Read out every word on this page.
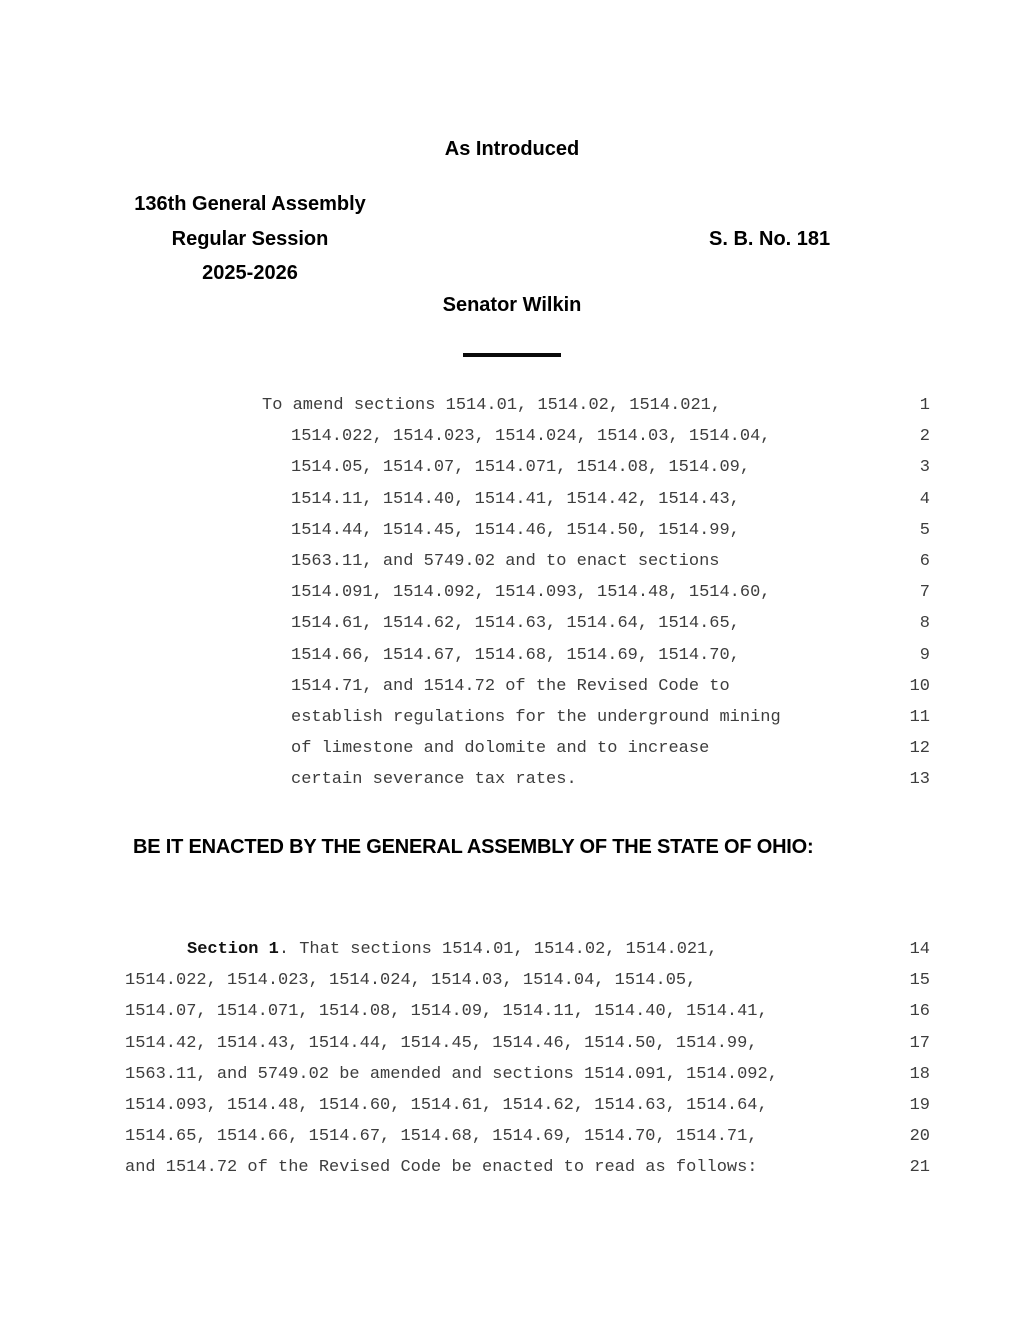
As Introduced
136th General Assembly
Regular Session	S. B. No. 181
2025-2026
Senator Wilkin

To amend sections 1514.01, 1514.02, 1514.021,

	1

1514.022, 1514.023, 1514.024, 1514.03, 1514.04,

	2

1514.05, 1514.07, 1514.071, 1514.08, 1514.09,

	3

1514.11, 1514.40, 1514.41, 1514.42, 1514.43,

	4

1514.44, 1514.45, 1514.46, 1514.50, 1514.99,

	5

1563.11, and 5749.02 and to enact sections

	6

1514.091, 1514.092, 1514.093, 1514.48, 1514.60,

	7

1514.61, 1514.62, 1514.63, 1514.64, 1514.65,

	8

1514.66, 1514.67, 1514.68, 1514.69, 1514.70,

	9

1514.71, and 1514.72 of the Revised Code to

	10

establish regulations for the underground mining

	11

of limestone and dolomite and to increase

	12

certain severance tax rates.

	13

BE IT ENACTED BY THE GENERAL ASSEMBLY OF THE STATE OF OHIO:

Section 1. That sections 1514.01, 1514.02, 1514.021,

	14

1514.022, 1514.023, 1514.024, 1514.03, 1514.04, 1514.05,

	15

1514.07, 1514.071, 1514.08, 1514.09, 1514.11, 1514.40, 1514.41,

	16

1514.42, 1514.43, 1514.44, 1514.45, 1514.46, 1514.50, 1514.99,

	17

1563.11, and 5749.02 be amended and sections 1514.091, 1514.092,

	18

1514.093, 1514.48, 1514.60, 1514.61, 1514.62, 1514.63, 1514.64,

	19

1514.65, 1514.66, 1514.67, 1514.68, 1514.69, 1514.70, 1514.71,

	20

and 1514.72 of the Revised Code be enacted to read as follows:

	21
